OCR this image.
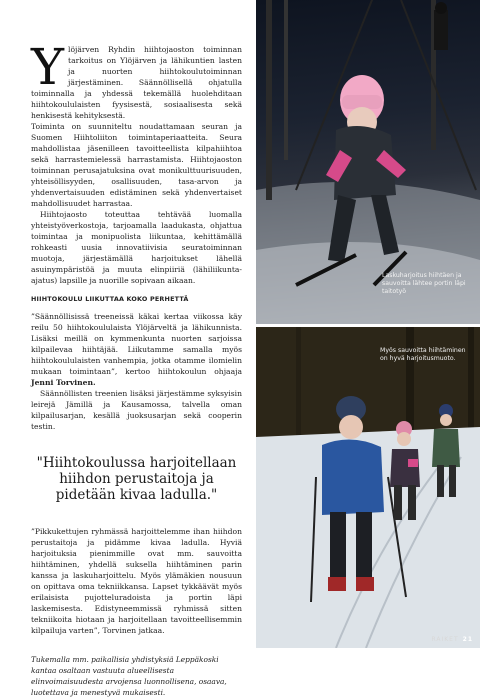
Y löjärven Ryhdin hiihtojaoston toiminnan tarkoitus on Ylöjärven ja lähikuntien lasten ja nuorten hiihtokoulutoiminnan järjestäminen. Säännöllisellä ohjatulla toiminnalla ja yhdessä tekemällä huolehditaan hiihtokoululaisten fyysisestä, sosiaalisesta sekä henkisestä kehityksestä.

Toiminta on suunniteltu noudattamaan seuran ja Suomen Hiihtoliiton toimintaperiaatteita. Seura mahdollistaa jäsenilleen tavoitteellista kilpahiihtoa sekä harrastemielessä harrastamista. Hiihtojaoston toiminnan perusajatuksina ovat monikulttuurisuuden, yhteisöllisyyden, osallisuuden, tasa-arvon ja yhdenvertaisuuden edistäminen sekä yhdenvertaiset mahdollisuudet harrastaa.

Hiihtojaosto toteuttaa tehtävää luomalla yhteistyöverkostoja, tarjoamalla laadukasta, ohjattua toimintaa ja monipuolista liikuntaa, kehittämällä rohkeasti uusia innovatiivisia seuratoiminnan muotoja, järjestämällä harjoitukset lähellä asuinympäristöä ja muuta elinpiiriä (lähiliikunta-ajatus) lapsille ja nuorille sopivaan aikaan.

HIIHTOKOULU LIIKUTTAA KOKO PERHETTÄ

”Säännöllisissä treeneissä käkai kertaa viikossa käy reilu 50 hiihtokoululaista Ylöjärveltä ja lähikunnista. Lisäksi meillä on kymmenkunta nuorten sarjoissa kilpailevaa hiihtäjää. Liikutamme samalla myös hiihtokoululaisten vanhempia, jotka otamme ilomielin mukaan toimintaan”, kertoo hiihtokoulun ohjaaja Jenni Torvinen.

Säännöllisten treenien lisäksi järjestämme syksyisin leirejä Jämillä ja Kausamossa, talvella oman kilpailusarjan, kesällä juoksusarjan sekä cooperin testin.

"Hiihtokoulussa harjoitellaan hiihdon perustaitoja ja pidetään kivaa ladulla."

”Pikkukettujen ryhmässä harjoittelemme ihan hiihdon perustaitoja ja pidämme kivaa ladulla. Hyviä harjoituksia pienimmille ovat mm. sauvoitta hiihtäminen, yhdellä suksella hiihtäminen parin kanssa ja laskuharjoittelu. Myös ylämäkien nousuun on opittava oma tekniikkansa. Lapset tykkäävät myös erilaisista pujotteluradoista ja portin läpi laskemisesta. Edistyneemmissä ryhmissä sitten tekniikoita hiotaan ja harjoitellaan tavoitteellisemmin kilpailuja varten”, Torvinen jatkaa.

Tukemalla mm. paikallisia yhdistyksiä Leppäkoski kantaa osaltaan vastuuta alueellisesta elinvoimaisuudesta arvojensa luonnollisena, osaava, luotettava ja menestyvä mukaisesti.

Laskuharjoitus hiihtäen ja sauvoitta lähtee portin läpi taitotyö
Myös sauvoitta hiihtäminen on hyvä harjoitusmuoto.
RAIKET 21
